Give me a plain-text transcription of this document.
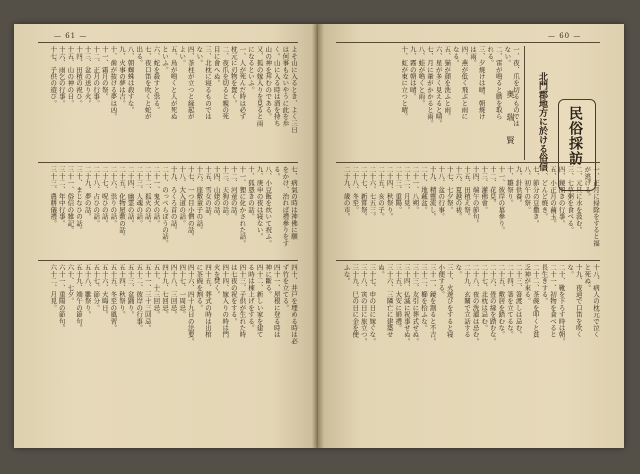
— 61 —
よそ山に入るとき、よく三日
は何事もないやうに此を歩
く。山に入る時は酒を持ち
山の神を拜むのである。
又、狐の嫁入りを見ると雨
になるといふ。
一、人が死んだ時は必ず
枕元に刃物を置く。
二、夜爪を切ると親の死
目に會へぬ。
三、北枕に寝るものでは
ない。
四、茶柱が立つと縁起が
よい。
五、鳥が鳴くと人が死ぬ
といふ。
六、蛇を殺すと祟る。
七、夜口笛を吹くと蛇が
出る。
八、朝蜘蛛は殺すな。
九、火事の夢は吉。
十、歯が抜ける夢は凶。
十一、霜月の祭。
十二、正月の行事。
十三、盆の送り火。
十四、田植の祝ひ。
十五、山の神の日。
十六、雨乞の行事。
十七、子供の遊び。
七、病氣の時は神佛に願
をかけ、治れば禮參りをす
る。
八、小豆飯を炊いて祝ふ。
九、庚申の夜は寝ない。
十、狐憑きの話。
十一、狸に化かされた話。
十二、河童の話。
十三、天狗の話。
十四、山姥の話。
十五、雪女の話。
十六、座敷童子の話。
十七、一つ目小僧の話。
十八、大入道の話。
十九、ろくろ首の話。
二十、のっぺらぼうの話。
二十一、鬼火の話。
二十二、狐火の話。
二十三、人魂の話。
二十四、幽霊の話。
二十五、化物屋敷の話。
二十六、祟りの話。
二十七、呪ひの話。
二十八、占ひの話。
二十九、夢の話。
三十、まじなひの話。
三十一、俗信の雑記。
三十二、年中行事。
三十三、農耕儀禮。
四十、井戸を埋める時は必
ず竹を立てる。
四十一、屋根に登る時は
神に斷る。
四十二、新しい家を建て
る時は棟上げをする。
四十三、子供が生れた時
は七夜の祝をする。
四十四、嫁入りの時は門
火を焚く。
四十五、葬式の時は出棺
に茶碗を割る。
四十六、四十九日の法要。
四十七、一周忌。
四十八、三回忌。
四十九、七回忌。
五十、十三回忌。
五十一、三十三回忌。
五十二、彼岸の行事。
五十三、盆踊り。
五十四、秋祭り。
五十五、冬至の風習。
五十六、大晦日。
五十七、節分。
五十八、雛祭り。
五十九、端午の節句。
六十、七夕。
六十一、重陽の節句。
六十二、月見。
— 60 —
民俗採訪
北門郡地方に於ける俗信
奥 瑞 賢
一、夜、爪を切るものでは
ない。
二、雷が鳴ると臍を取ら
れる。
三、夕焼けは晴、朝焼け
は雨。
四、燕が低く飛ぶと雨に
なる。
五、猫が顔を洗ふと雨。
六、星が多く見えると晴。
七、月に暈がかかると雨。
八、蛙が鳴くと雨。
九、霧の朝は晴。
十、虹が東に立つと晴。
一、正月に掃除をすると福
が逃げる。
二、元旦に水を汲む。
三、七草粥を食べる。
四、鏡開きの行事。
五、小正月の繭玉。
六、どんど焼き。
七、節分の豆撒き。
八、初午の祭。
九、針供養。
十、雛祭り。
十一、彼岸の墓參り。
十二、花見。
十三、灌佛會。
十四、端午の節句。
十五、田植え祭。
十六、夏越の祓。
十七、七夕祭。
十八、盆の行事。
十九、精靈流し。
二十、地藏盆。
二十一、八朔。
二十二、月見。
二十三、重陽。
二十四、秋祭り。
二十五、亥の子。
二十六、七五三。
二十七、新嘗祭。
二十八、冬至。
二十九、歳の市。
十八、病人の枕元で泣く
と死ぬ。
十九、夜道で口笛を吹く
な。
二十、靴を下ろす時は朝。
二十一、初物を食べると
長生きする。
二十二、茶碗を叩くと貧
乏神が來る。
二十三、箸渡しは忌む。
二十四、箸を立てるな。
二十五、敷居を踏むな。
二十六、畳の縁を踏むな。
二十七、北枕は忌む。
二十八、夜の洗濯は忌む。
二十九、玄關で立話する
な。
三十、火遊びをすると寝
小便する。
三十一、鏡を割ると不吉。
三十二、櫛を拾ふな。
三十三、友引に葬式せぬ。
三十四、仏滅に祝事せぬ。
三十五、大安に婚禮。
三十六、三隣亡に建築せ
ぬ。
三十七、申の日に嫁ぐな。
三十八、寅の日に旅立つ。
三十九、巳の日に金を使
ふな。
